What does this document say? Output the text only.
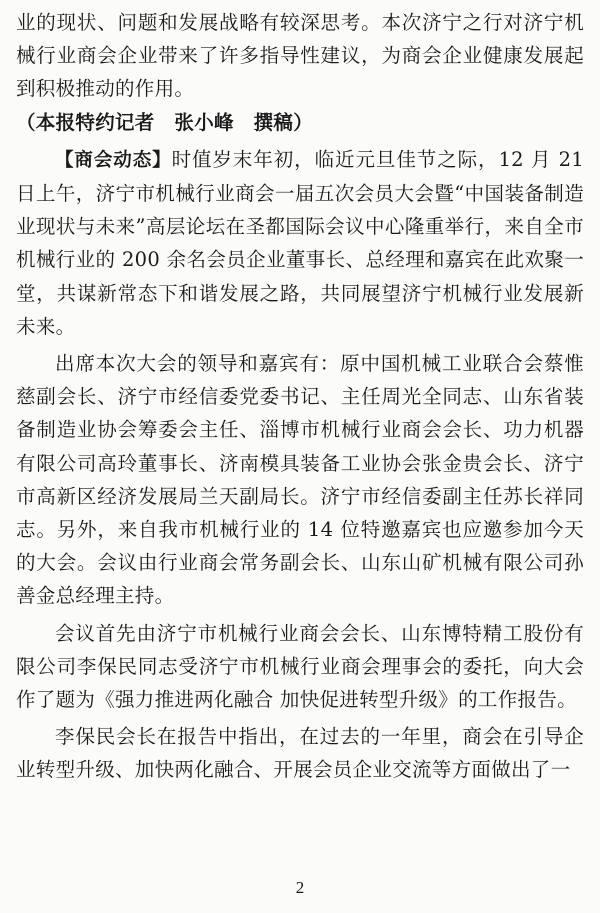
业的现状、问题和发展战略有较深思考。本次济宁之行对济宁机械行业商会企业带来了许多指导性建议，为商会企业健康发展起到积极推动的作用。

（本报特约记者　张小峰　撰稿）

【商会动态】时值岁末年初，临近元旦佳节之际，12 月 21 日上午，济宁市机械行业商会一届五次会员大会暨“中国装备制造业现状与未来”高层论坛在圣都国际会议中心隆重举行，来自全市机械行业的 200 余名会员企业董事长、总经理和嘉宾在此欢聚一堂，共谋新常态下和谐发展之路，共同展望济宁机械行业发展新未来。

出席本次大会的领导和嘉宾有：原中国机械工业联合会蔡惟慈副会长、济宁市经信委党委书记、主任周光全同志、山东省装备制造业协会筹委会主任、淄博市机械行业商会会长、功力机器有限公司高玲董事长、济南模具装备工业协会张金贵会长、济宁市高新区经济发展局兰天副局长。济宁市经信委副主任苏长祥同志。另外，来自我市机械行业的 14 位特邀嘉宾也应邀参加今天的大会。会议由行业商会常务副会长、山东山矿机械有限公司孙善金总经理主持。

会议首先由济宁市机械行业商会会长、山东博特精工股份有限公司李保民同志受济宁市机械行业商会理事会的委托，向大会作了题为《强力推进两化融合 加快促进转型升级》的工作报告。

李保民会长在报告中指出，在过去的一年里，商会在引导企业转型升级、加快两化融合、开展会员企业交流等方面做出了一

2
